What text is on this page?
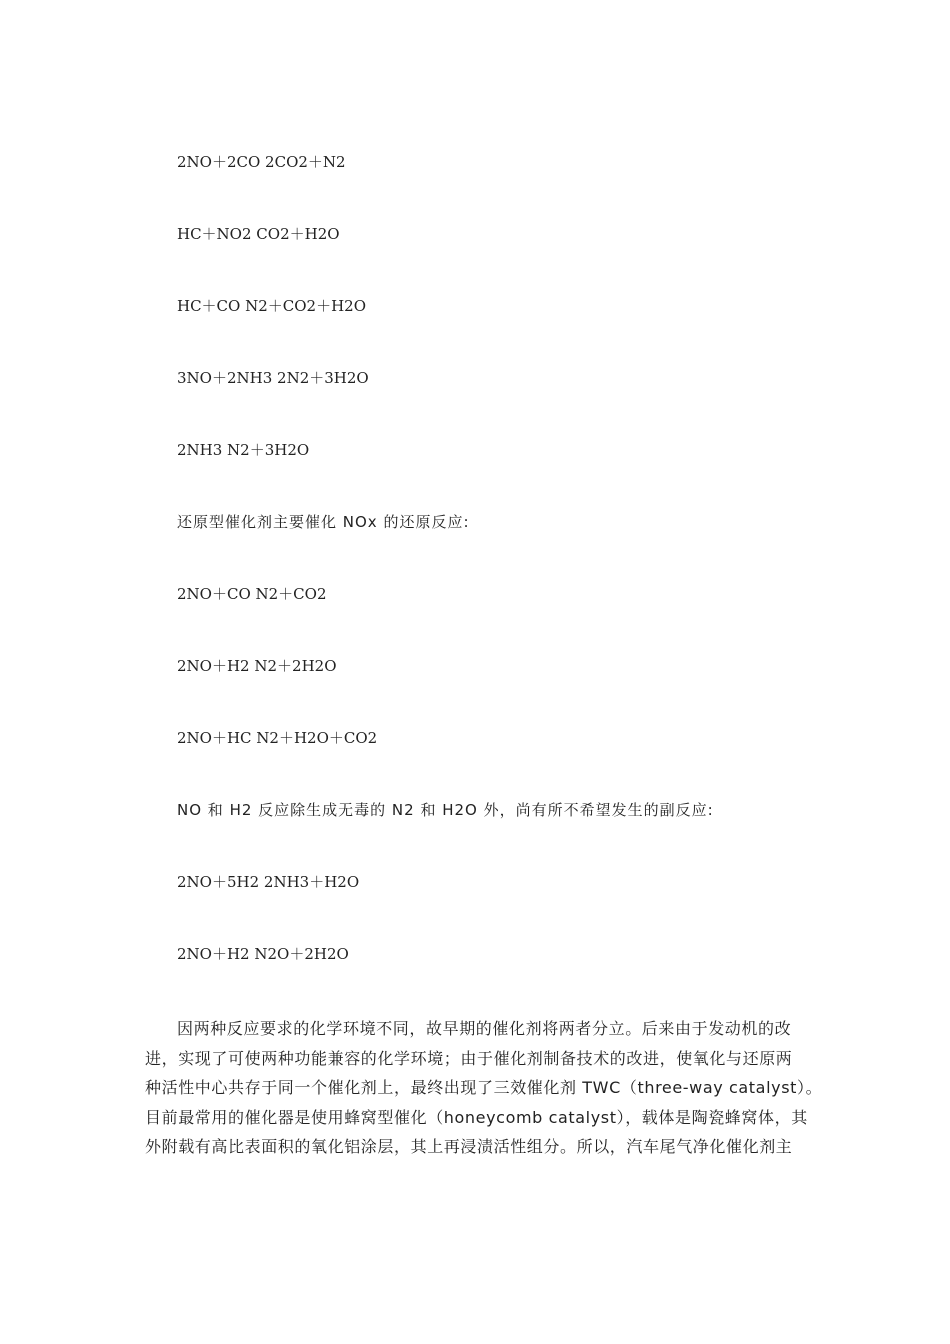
2NO＋2CO 2CO2＋N2
HC＋NO2 CO2＋H2O
HC＋CO N2＋CO2＋H2O
3NO＋2NH3 2N2＋3H2O
2NH3 N2＋3H2O
还原型催化剂主要催化 NOx 的还原反应:
2NO＋CO N2＋CO2
2NO＋H2 N2＋2H2O
2NO＋HC N2＋H2O＋CO2
NO 和 H2 反应除生成无毒的 N2 和 H2O 外，尚有所不希望发生的副反应:
2NO＋5H2 2NH3＋H2O
2NO＋H2 N2O＋2H2O

因两种反应要求的化学环境不同，故早期的催化剂将两者分立。后来由于发动机的改

进，实现了可使两种功能兼容的化学环境；由于催化剂制备技术的改进，使氧化与还原两

种活性中心共存于同一个催化剂上，最终出现了三效催化剂 TWC（three-way catalyst）。

目前最常用的催化器是使用蜂窝型催化（honeycomb catalyst），载体是陶瓷蜂窝体，其

外附载有高比表面积的氧化铝涂层，其上再浸渍活性组分。所以，汽车尾气净化催化剂主
